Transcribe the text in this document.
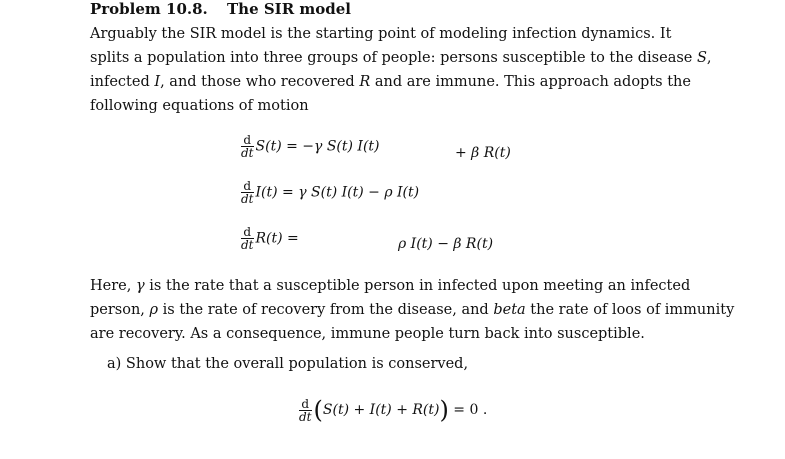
Problem 10.8. The SIR model
Arguably the SIR model is the starting point of modeling infection dynamics. It
splits a population into three groups of people: persons susceptible to the disease S,
infected I, and those who recovered R and are immune. This approach adopts the
following equations of motion
$\frac{d}{dt} S(t) = -\gamma$ S(t) I(t)	+ β R(t)
$\frac{d}{dt} I(t) = \gamma$ S(t) I(t) − ρ I(t)
$\frac{d}{dt} R(t)$ =	ρ I(t) − β R(t)
Here, γ is the rate that a susceptible person in infected upon meeting an infected
person, ρ is the rate of recovery from the disease, and beta the rate of loos of immunity
are recovery. As a consequence, immune people turn back into susceptible.
a) Show that the overall population is conserved,
$\frac{d}{dt} (S(t) + I(t) + R(t)) = 0$ .
